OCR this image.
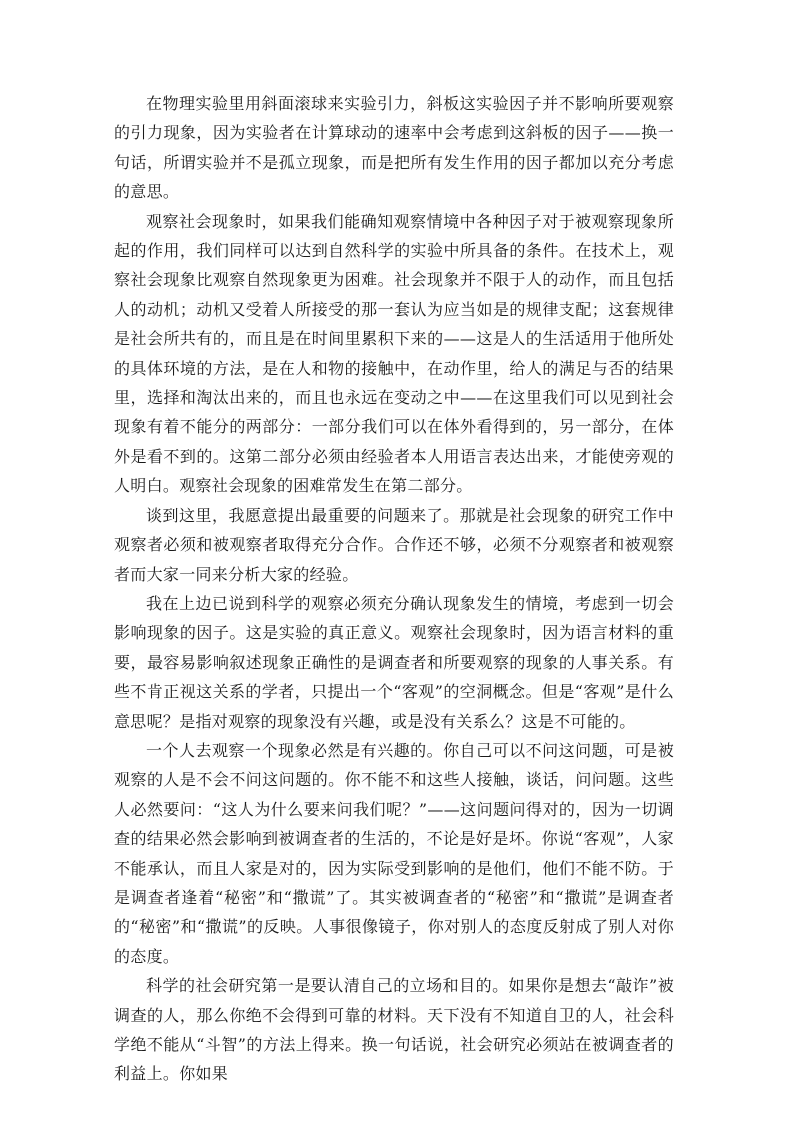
在物理实验里用斜面滚球来实验引力，斜板这实验因子并不影响所要观察的引力现象，因为实验者在计算球动的速率中会考虑到这斜板的因子——换一句话，所谓实验并不是孤立现象，而是把所有发生作用的因子都加以充分考虑的意思。

观察社会现象时，如果我们能确知观察情境中各种因子对于被观察现象所起的作用，我们同样可以达到自然科学的实验中所具备的条件。在技术上，观察社会现象比观察自然现象更为困难。社会现象并不限于人的动作，而且包括人的动机；动机又受着人所接受的那一套认为应当如是的规律支配；这套规律是社会所共有的，而且是在时间里累积下来的——这是人的生活适用于他所处的具体环境的方法，是在人和物的接触中，在动作里，给人的满足与否的结果里，选择和淘汰出来的，而且也永远在变动之中——在这里我们可以见到社会现象有着不能分的两部分：一部分我们可以在体外看得到的，另一部分，在体外是看不到的。这第二部分必须由经验者本人用语言表达出来，才能使旁观的人明白。观察社会现象的困难常发生在第二部分。

谈到这里，我愿意提出最重要的问题来了。那就是社会现象的研究工作中观察者必须和被观察者取得充分合作。合作还不够，必须不分观察者和被观察者而大家一同来分析大家的经验。

我在上边已说到科学的观察必须充分确认现象发生的情境，考虑到一切会影响现象的因子。这是实验的真正意义。观察社会现象时，因为语言材料的重要，最容易影响叙述现象正确性的是调查者和所要观察的现象的人事关系。有些不肯正视这关系的学者，只提出一个“客观”的空洞概念。但是“客观”是什么意思呢？是指对观察的现象没有兴趣，或是没有关系么？这是不可能的。

一个人去观察一个现象必然是有兴趣的。你自己可以不问这问题，可是被观察的人是不会不问这问题的。你不能不和这些人接触，谈话，问问题。这些人必然要问：“这人为什么要来问我们呢？”——这问题问得对的，因为一切调查的结果必然会影响到被调查者的生活的，不论是好是坏。你说“客观”，人家不能承认，而且人家是对的，因为实际受到影响的是他们，他们不能不防。于是调查者逢着“秘密”和“撒谎”了。其实被调查者的“秘密”和“撒谎”是调查者的“秘密”和“撒谎”的反映。人事很像镜子，你对别人的态度反射成了别人对你的态度。

科学的社会研究第一是要认清自己的立场和目的。如果你是想去“敲诈”被调查的人，那么你绝不会得到可靠的材料。天下没有不知道自卫的人，社会科学绝不能从“斗智”的方法上得来。换一句话说，社会研究必须站在被调查者的利益上。你如果
